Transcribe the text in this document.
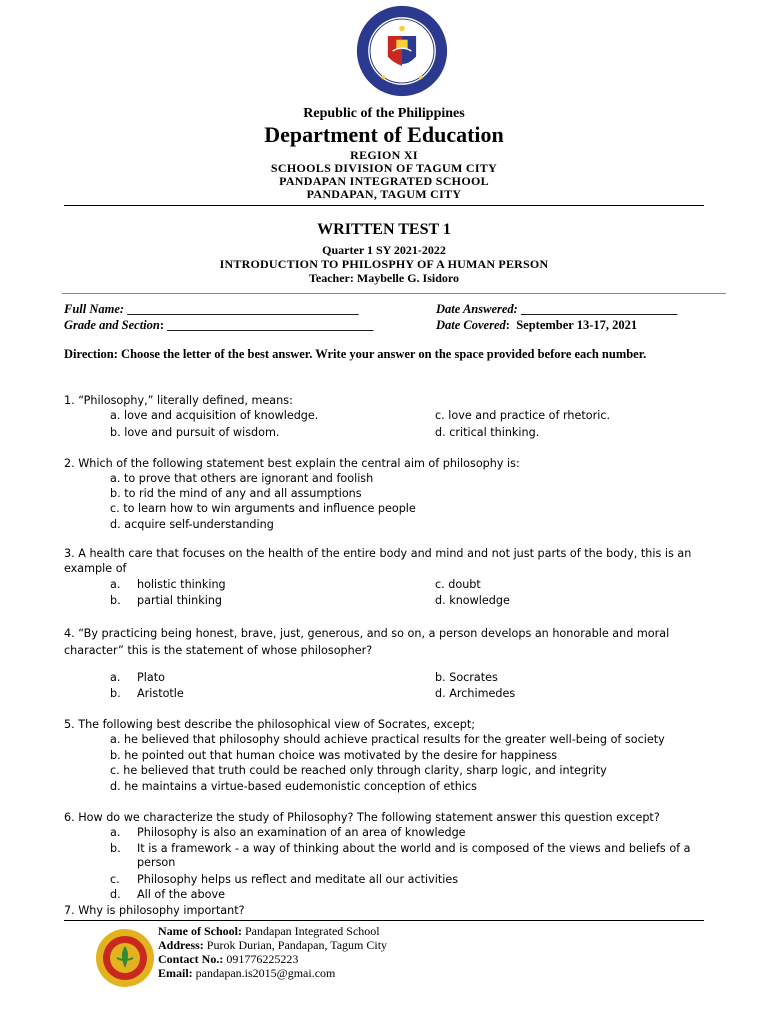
Republic of the Philippines
Department of Education
REGION XI
SCHOOLS DIVISION OF TAGUM CITY
PANDAPAN INTEGRATED SCHOOL
PANDAPAN, TAGUM CITY
WRITTEN TEST 1
Quarter 1 SY 2021-2022
INTRODUCTION TO PHILOSPHY OF A HUMAN PERSON
Teacher: Maybelle G. Isidoro
Full Name: _____________________________________	Date Answered: _________________________
Grade and Section: _________________________________	Date Covered: September 13-17, 2021
Direction: Choose the letter of the best answer. Write your answer on the space provided before each number.
1. “Philosophy,” literally defined, means:
a. love and acquisition of knowledge.	c. love and practice of rhetoric.
b. love and pursuit of wisdom.	d. critical thinking.
2. Which of the following statement best explain the central aim of philosophy is:
a. to prove that others are ignorant and foolish
b. to rid the mind of any and all assumptions
c. to learn how to win arguments and influence people
d. acquire self-understanding
3. A health care that focuses on the health of the entire body and mind and not just parts of the body, this is an example of
a. holistic thinking	c. doubt
b. partial thinking	d. knowledge
4. “By practicing being honest, brave, just, generous, and so on, a person develops an honorable and moral character” this is the statement of whose philosopher?
a. Plato	b. Socrates
b. Aristotle	d. Archimedes
5. The following best describe the philosophical view of Socrates, except;
a. he believed that philosophy should achieve practical results for the greater well-being of society
b. he pointed out that human choice was motivated by the desire for happiness
c. he believed that truth could be reached only through clarity, sharp logic, and integrity
d. he maintains a virtue-based eudemonistic conception of ethics
6. How do we characterize the study of Philosophy? The following statement answer this question except?
a. Philosophy is also an examination of an area of knowledge
b.	It is a framework - a way of thinking about the world and is composed of the views and beliefs of a person
c. Philosophy helps us reflect and meditate all our activities
d. All of the above
7. Why is philosophy important?
Name of School: Pandapan Integrated School
Address: Purok Durian, Pandapan, Tagum City
Contact No.: 091776225223
Email: pandapan.is2015@gmai.com
